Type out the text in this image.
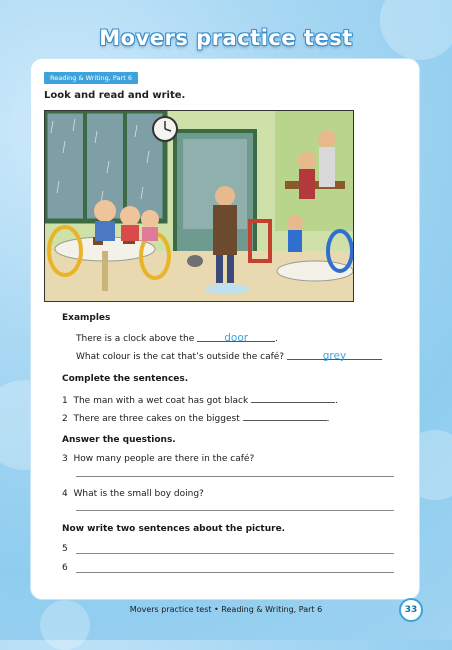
Movers practice test
Reading & Writing, Part 6
Look and read and write.
Examples
There is a clock above the	door	.
What colour is the cat that’s outside the café?	grey
Complete the sentences.
1 The man with a wet coat has got black	.
2 There are three cakes on the biggest	.
Answer the questions.
3 How many people are there in the café?
4 What is the small boy doing?
Now write two sentences about the picture.
5
6
Movers practice test • Reading & Writing, Part 6	33
